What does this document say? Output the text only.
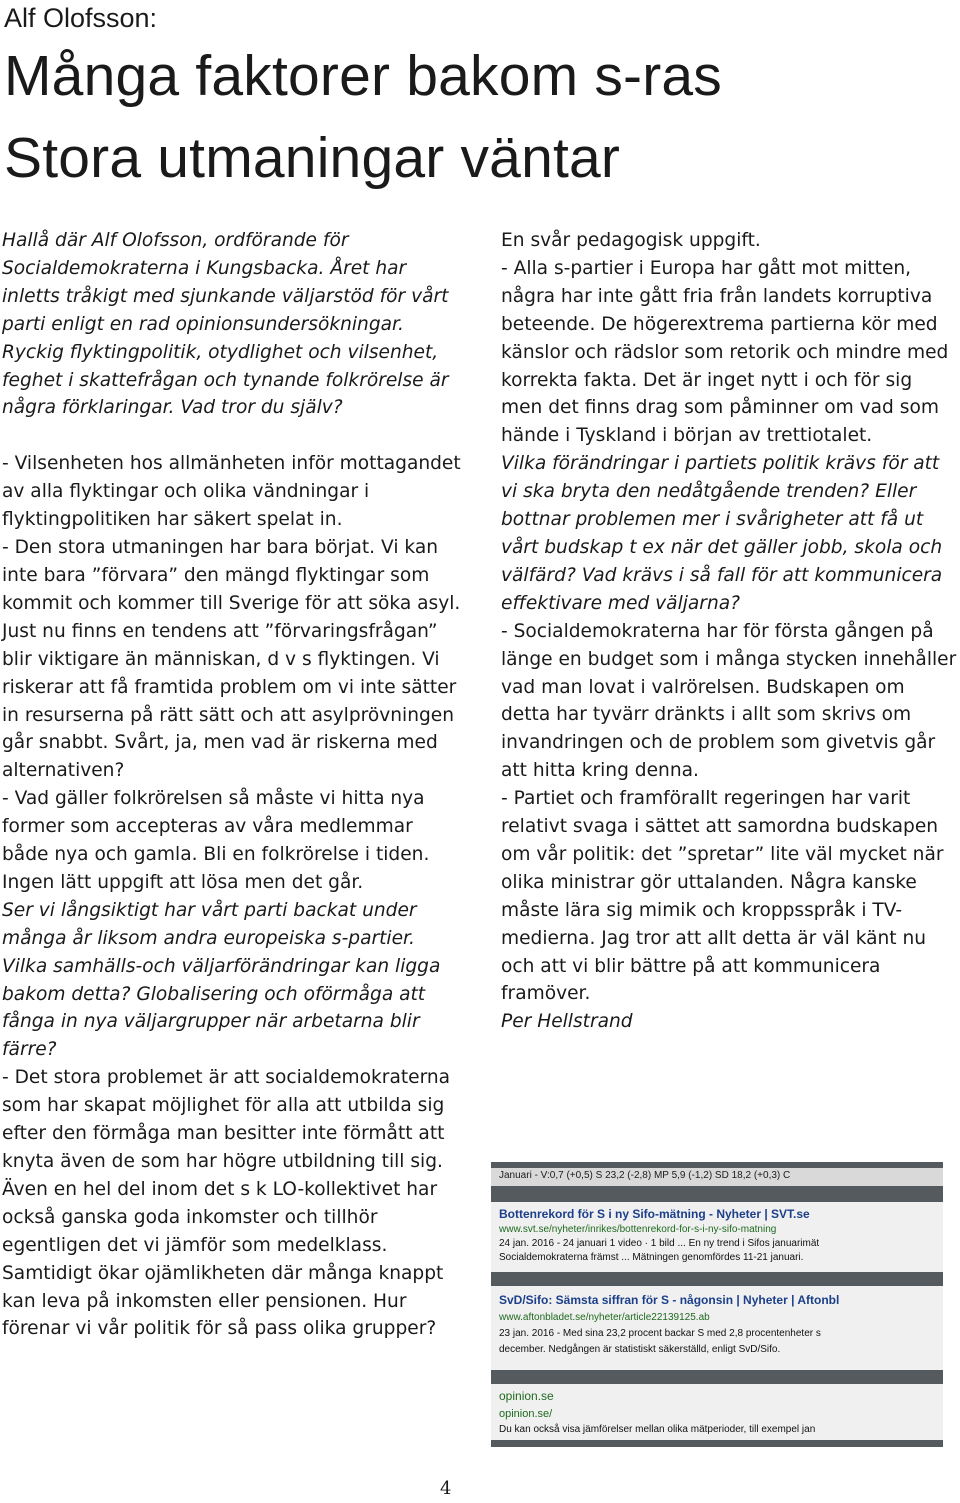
Alf Olofsson:
Många faktorer bakom s-ras
Stora utmaningar väntar

Hallå där Alf Olofsson, ordförande för Socialdemokraterna i Kungsbacka. Året har inletts tråkigt med sjunkande väljarstöd för vårt parti enligt en rad opinionsundersökningar. Ryckig flyktingpolitik, otydlighet och vilsenhet, feghet i skattefrågan och tynande folkrörelse är några förklaringar. Vad tror du själv?

- Vilsenheten hos allmänheten inför mottagandet av alla flyktingar och olika vändningar i flyktingpolitiken har säkert spelat in.

- Den stora utmaningen har bara börjat. Vi kan inte bara ”förvara” den mängd flyktingar som kommit och kommer till Sverige för att söka asyl. Just nu finns en tendens att ”förvaringsfrågan” blir viktigare än människan, d v s flyktingen. Vi riskerar att få framtida problem om vi inte sätter in resurserna på rätt sätt och att asylprövningen går snabbt. Svårt, ja, men vad är riskerna med alternativen?

- Vad gäller folkrörelsen så måste vi hitta nya former som accepteras av våra medlemmar både nya och gamla. Bli en folkrörelse i tiden. Ingen lätt uppgift att lösa men det går.

Ser vi långsiktigt har vårt parti backat under många år liksom andra europeiska s-partier. Vilka samhälls-och väljarförändringar kan ligga bakom detta? Globalisering och oförmåga att fånga in nya väljargrupper när arbetarna blir färre?

- Det stora problemet är att socialdemokraterna som har skapat möjlighet för alla att utbilda sig efter den förmåga man besitter inte förmått att knyta även de som har högre utbildning till sig. Även en hel del inom det s k LO-kollektivet har också ganska goda inkomster och tillhör egentligen det vi jämför som medelklass. Samtidigt ökar ojämlikheten där många knappt kan leva på inkomsten eller pensionen. Hur förenar vi vår politik för så pass olika grupper?

En svår pedagogisk uppgift.

- Alla s-partier i Europa har gått mot mitten, några har inte gått fria från landets korruptiva beteende. De högerextrema partierna kör med känslor och rädslor som retorik och mindre med korrekta fakta. Det är inget nytt i och för sig men det finns drag som påminner om vad som hände i Tyskland i början av trettiotalet.

Vilka förändringar i partiets politik krävs för att vi ska bryta den nedåtgående trenden? Eller bottnar problemen mer i svårigheter att få ut vårt budskap t ex när det gäller jobb, skola och välfärd? Vad krävs i så fall för att kommunicera effektivare med väljarna?

- Socialdemokraterna har för första gången på länge en budget som i många stycken innehåller vad man lovat i valrörelsen. Budskapen om detta har tyvärr dränkts i allt som skrivs om invandringen och de problem som givetvis går att hitta kring denna.

- Partiet och framförallt regeringen har varit relativt svaga i sättet att samordna budskapen om vår politik: det ”spretar” lite väl mycket när olika ministrar gör uttalanden. Några kanske måste lära sig mimik och kroppsspråk i TV-medierna. Jag tror att allt detta är väl känt nu och att vi blir bättre på att kommunicera framöver.

Per Hellstrand

Januari - V:0,7 (+0,5) S 23,2 (-2,8) MP 5,9 (-1,2) SD 18,2 (+0,3) C
Bottenrekord för S i ny Sifo-mätning - Nyheter | SVT.se
www.svt.se/nyheter/inrikes/bottenrekord-for-s-i-ny-sifo-matning
24 jan. 2016 - 24 januari 1 video · 1 bild ... En ny trend i Sifos januarimät
Socialdemokraterna främst ... Mätningen genomfördes 11-21 januari.
SvD/Sifo: Sämsta siffran för S - någonsin | Nyheter | Aftonbl
www.aftonbladet.se/nyheter/article22139125.ab
23 jan. 2016 - Med sina 23,2 procent backar S med 2,8 procentenheter s
december. Nedgången är statistiskt säkerställd, enligt SvD/Sifo.
opinion.se
opinion.se/
Du kan också visa jämförelser mellan olika mätperioder, till exempel jan
4
